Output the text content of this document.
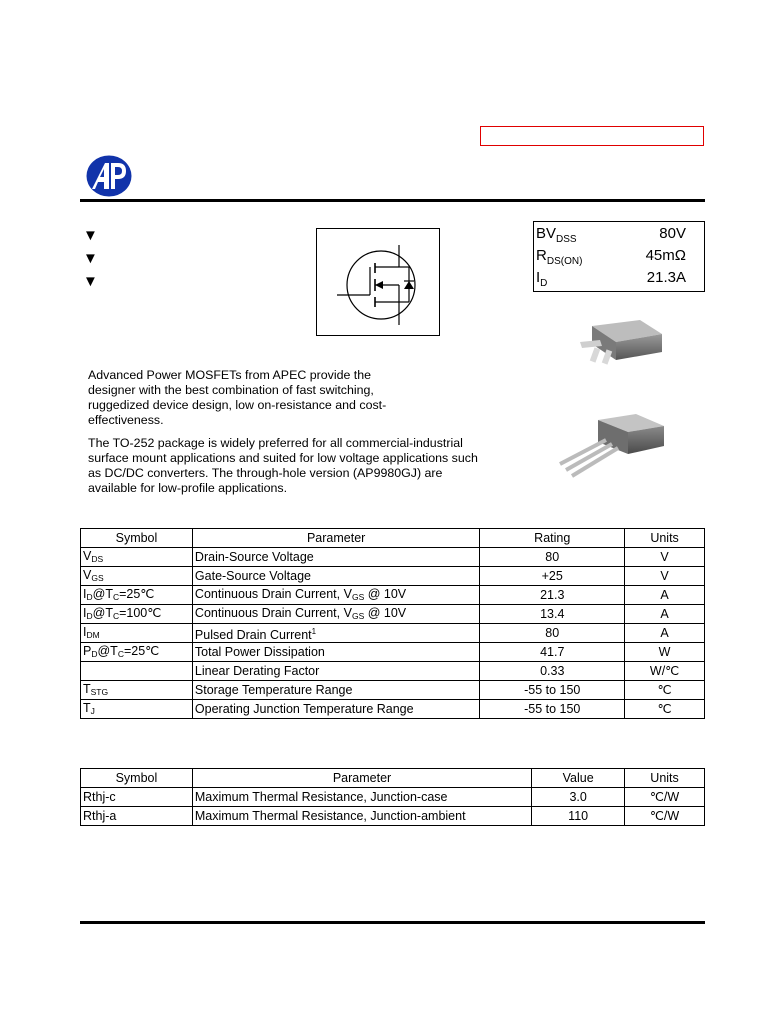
▼
▼
▼
$BV_{DSS}$	80V
$R_{DS(ON)}$	45mΩ
$I_D$	21.3A
Advanced Power MOSFETs from APEC provide the designer with the best combination of fast switching, ruggedized device design, low on-resistance and cost-effectiveness.
The TO-252 package is widely preferred for all commercial-industrial surface mount applications and suited for low voltage applications such as DC/DC converters. The through-hole version (AP9980GJ) are available for low-profile applications.
Symbol	Parameter	Rating	Units
$V_{DS}$	Drain-Source Voltage	80	V
$V_{GS}$	Gate-Source Voltage	+25	V
$I_D@T_C=25℃$	Continuous Drain Current, $V_{GS}$ @ 10V	21.3	A
$I_D@T_C=100℃$	Continuous Drain Current, $V_{GS}$ @ 10V	13.4	A
$I_{DM}$	Pulsed Drain Current$^1$	80	A
$P_D@T_C=25℃$	Total Power Dissipation	41.7	W
	Linear Derating Factor	0.33	W/℃
$T_{STG}$	Storage Temperature Range	-55 to 150	℃
$T_J$	Operating Junction Temperature Range	-55 to 150	℃
Symbol	Parameter	Value	Units
Rthj-c	Maximum Thermal Resistance, Junction-case	3.0	℃/W
Rthj-a	Maximum Thermal Resistance, Junction-ambient	110	℃/W
